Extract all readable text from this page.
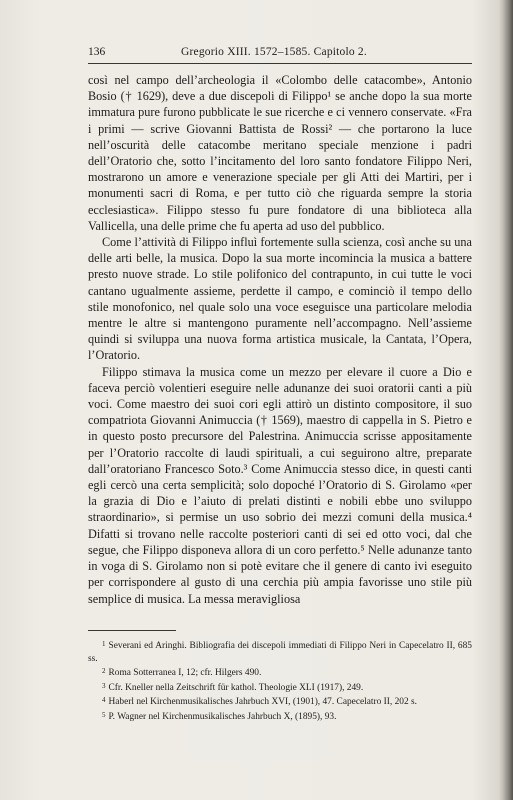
136	Gregorio XIII. 1572–1585. Capitolo 2.

così nel campo dell’archeologia il «Colombo delle catacombe», Antonio Bosio († 1629), deve a due discepoli di Filippo¹ se anche dopo la sua morte immatura pure furono pubblicate le sue ricerche e ci vennero conservate. «Fra i primi — scrive Giovanni Battista de Rossi² — che portarono la luce nell’oscurità delle catacombe meritano speciale menzione i padri dell’Oratorio che, sotto l’incitamento del loro santo fondatore Filippo Neri, mostrarono un amore e venerazione speciale per gli Atti dei Martiri, per i monumenti sacri di Roma, e per tutto ciò che riguarda sempre la storia ecclesiastica». Filippo stesso fu pure fondatore di una biblioteca alla Vallicella, una delle prime che fu aperta ad uso del pubblico.

Come l’attività di Filippo influì fortemente sulla scienza, così anche su una delle arti belle, la musica. Dopo la sua morte incomincia la musica a battere presto nuove strade. Lo stile polifonico del contrapunto, in cui tutte le voci cantano ugualmente assieme, perdette il campo, e cominciò il tempo dello stile monofonico, nel quale solo una voce eseguisce una particolare melodia mentre le altre si mantengono puramente nell’accompagno. Nell’assieme quindi si sviluppa una nuova forma artistica musicale, la Cantata, l’Opera, l’Oratorio.

Filippo stimava la musica come un mezzo per elevare il cuore a Dio e faceva perciò volentieri eseguire nelle adunanze dei suoi oratorii canti a più voci. Come maestro dei suoi cori egli attirò un distinto compositore, il suo compatriota Giovanni Animuccia († 1569), maestro di cappella in S. Pietro e in questo posto precursore del Palestrina. Animuccia scrisse appositamente per l’Oratorio raccolte di laudi spirituali, a cui seguirono altre, preparate dall’oratoriano Francesco Soto.³ Come Animuccia stesso dice, in questi canti egli cercò una certa semplicità; solo dopoché l’Oratorio di S. Girolamo «per la grazia di Dio e l’aiuto di prelati distinti e nobili ebbe uno sviluppo straordinario», si permise un uso sobrio dei mezzi comuni della musica.⁴ Difatti si trovano nelle raccolte posteriori canti di sei ed otto voci, dal che segue, che Filippo disponeva allora di un coro perfetto.⁵ Nelle adunanze tanto in voga di S. Girolamo non si potè evitare che il genere di canto ivi eseguito per corrispondere al gusto di una cerchia più ampia favorisse uno stile più semplice di musica. La messa meravigliosa

$^1$ Severani ed Aringhi. Bibliografia dei discepoli immediati di Filippo Neri in Capecelatro II, 685 ss.

$^2$ Roma Sotterranea I, 12; cfr. Hilgers 490.

$^3$ Cfr. Kneller nella Zeitschrift für kathol. Theologie XLI (1917), 249.

$^4$ Haberl nel Kirchenmusikalisches Jahrbuch XVI, (1901), 47. Capecelatro II, 202 s.

$^5$ P. Wagner nel Kirchenmusikalisches Jahrbuch X, (1895), 93.
